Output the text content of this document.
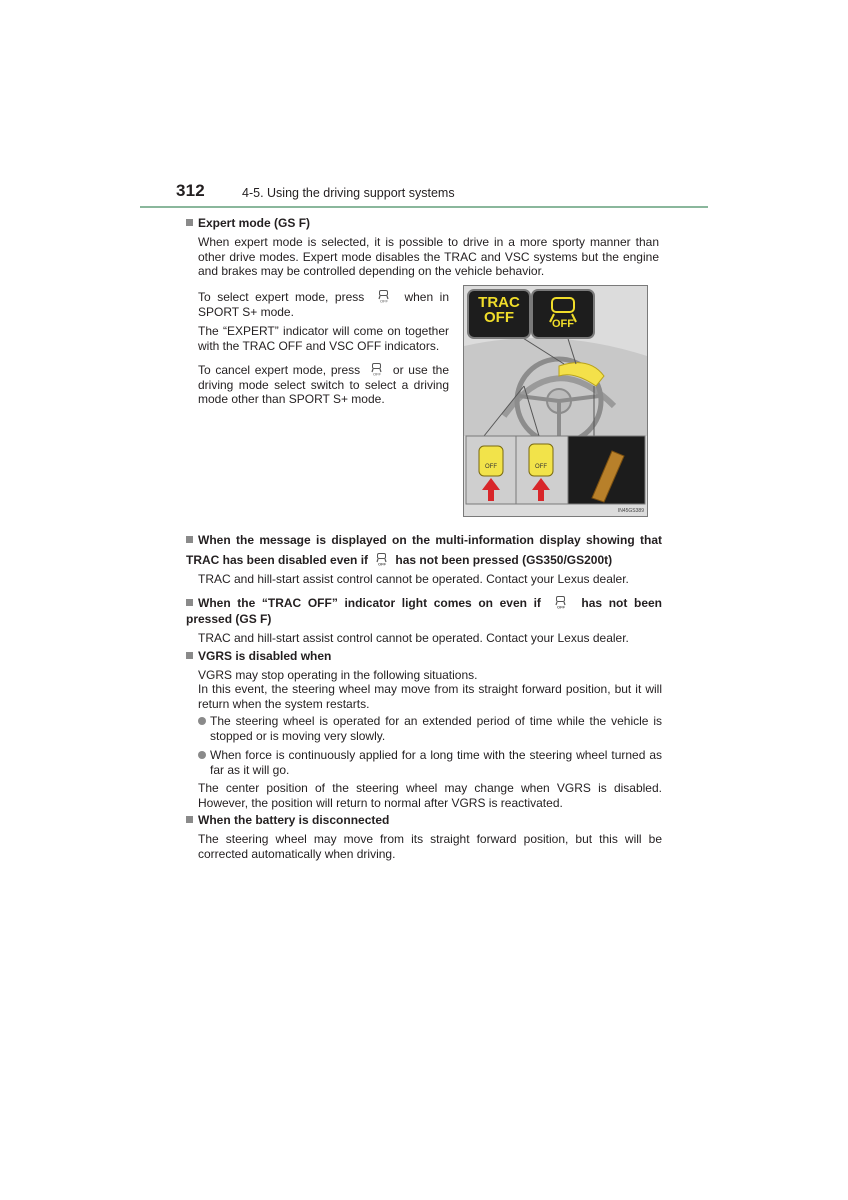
312	4-5. Using the driving support systems
Expert mode (GS F)
When expert mode is selected, it is possible to drive in a more sporty manner than other drive modes. Expert mode disables the TRAC and VSC systems but the engine and brakes may be controlled depending on the vehicle behavior.
To select expert mode, press	OFF when in SPORT S+ mode.
The “EXPERT” indicator will come on together with the TRAC OFF and VSC OFF indicators.
To cancel expert mode, press	OFF or use the driving mode select switch to select a driving mode other than SPORT S+ mode.
IN45GS389
TRAC
OFF	OFF
OFF	OFF
When the message is displayed on the multi-information display showing that TRAC has been disabled even if OFF has not been pressed (GS350/GS200t)
TRAC and hill-start assist control cannot be operated. Contact your Lexus dealer.
When the “TRAC OFF” indicator light comes on even if	OFF has not been pressed (GS F)
TRAC and hill-start assist control cannot be operated. Contact your Lexus dealer.
VGRS is disabled when
VGRS may stop operating in the following situations.
In this event, the steering wheel may move from its straight forward position, but it will return when the system restarts.
The steering wheel is operated for an extended period of time while the vehicle is stopped or is moving very slowly.
When force is continuously applied for a long time with the steering wheel turned as far as it will go.
The center position of the steering wheel may change when VGRS is disabled. However, the position will return to normal after VGRS is reactivated.
When the battery is disconnected
The steering wheel may move from its straight forward position, but this will be corrected automatically when driving.
